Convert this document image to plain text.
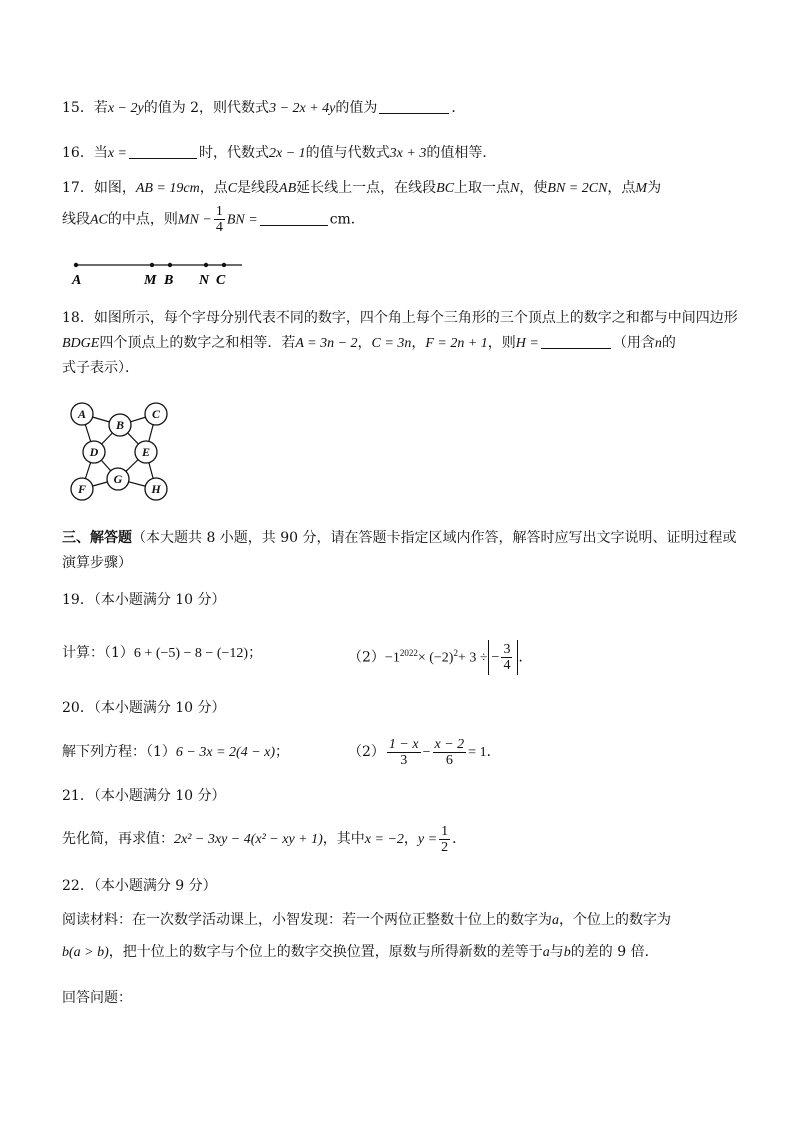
15．若x − 2y的值为 2，则代数式3 − 2x + 4y的值为	．
16．当x =	时，代数式2x − 1的值与代数式3x + 3的值相等．
17．如图，AB = 19cm，点C是线段AB延长线上一点，在线段BC上取一点N，使BN = 2CN，点M为
线段AC的中点，则MN − $\frac{1}{4}$ BN =	cm．
A	M B N C
18．如图所示，每个字母分别代表不同的数字，四个角上每个三角形的三个顶点上的数字之和都与中间四边形
BDGE四个顶点上的数字之和相等．若A = 3n − 2，C = 3n，F = 2n + 1，则H =	（用含n的
式子表示）．
A
B
C
D	E
F
G
H
三、解答题（本大题共 8 小题，共 90 分，请在答题卡指定区域内作答，解答时应写出文字说明、证明过程或
演算步骤）
19．（本小题满分 10 分）
计算：（1）6 + (−5) − 8 − (−12)；	$(2)-1^{2022}\times (-2)^2+ 3$ ÷ − $\frac{3}{4}$ ．
20．（本小题满分 10 分）
解下列方程：（1）6 − 3x = 2(4 − x)；	$(2) \frac{1 - x}{3} - \frac{x - 2}{6} = 1$．
21．（本小题满分 10 分）
先化简，再求值：2x² − 3xy − 4(x² − xy + 1)，其中x = −2，$y = \frac{1}{2}$ ．
22．（本小题满分 9 分）
阅读材料：在一次数学活动课上，小智发现：若一个两位正整数十位上的数字为a，个位上的数字为
b(a > b)，把十位上的数字与个位上的数字交换位置，原数与所得新数的差等于a与b的差的 9 倍．
回答问题：
